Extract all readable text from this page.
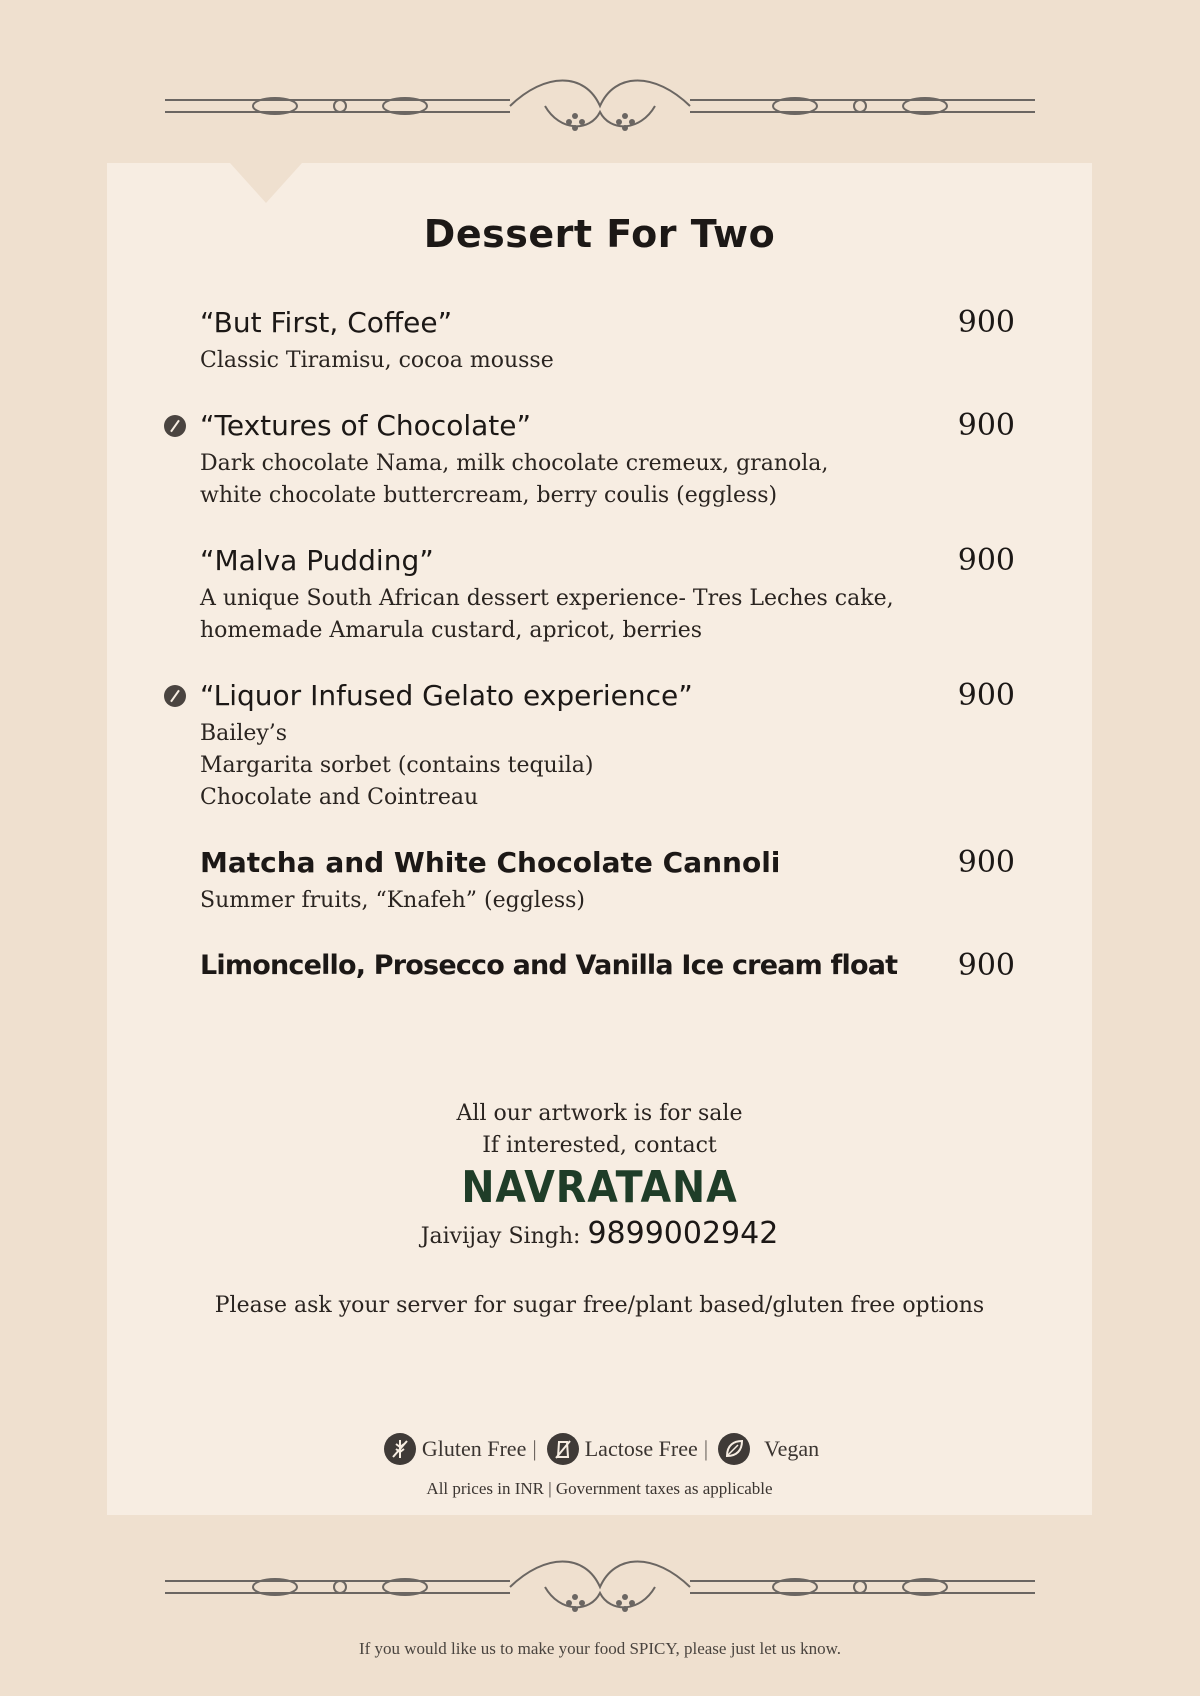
Dessert For Two
“But First, Coffee”	900
Classic Tiramisu, cocoa mousse
“Textures of Chocolate”	900
Dark chocolate Nama, milk chocolate cremeux, granola,
white chocolate buttercream, berry coulis (eggless)
“Malva Pudding”	900
A unique South African dessert experience- Tres Leches cake,
homemade Amarula custard, apricot, berries
“Liquor Infused Gelato experience”	900
Bailey’s
Margarita sorbet (contains tequila)
Chocolate and Cointreau
Matcha and White Chocolate Cannoli	900
Summer fruits, “Knafeh” (eggless)
Limoncello, Prosecco and Vanilla Ice cream float 900
All our artwork is for sale
If interested, contact
NAVRATANA
Jaivijay Singh: 9899002942
Please ask your server for sugar free/plant based/gluten free options
Gluten Free | Lactose Free |	Vegan
All prices in INR | Government taxes as applicable
If you would like us to make your food SPICY, please just let us know.
